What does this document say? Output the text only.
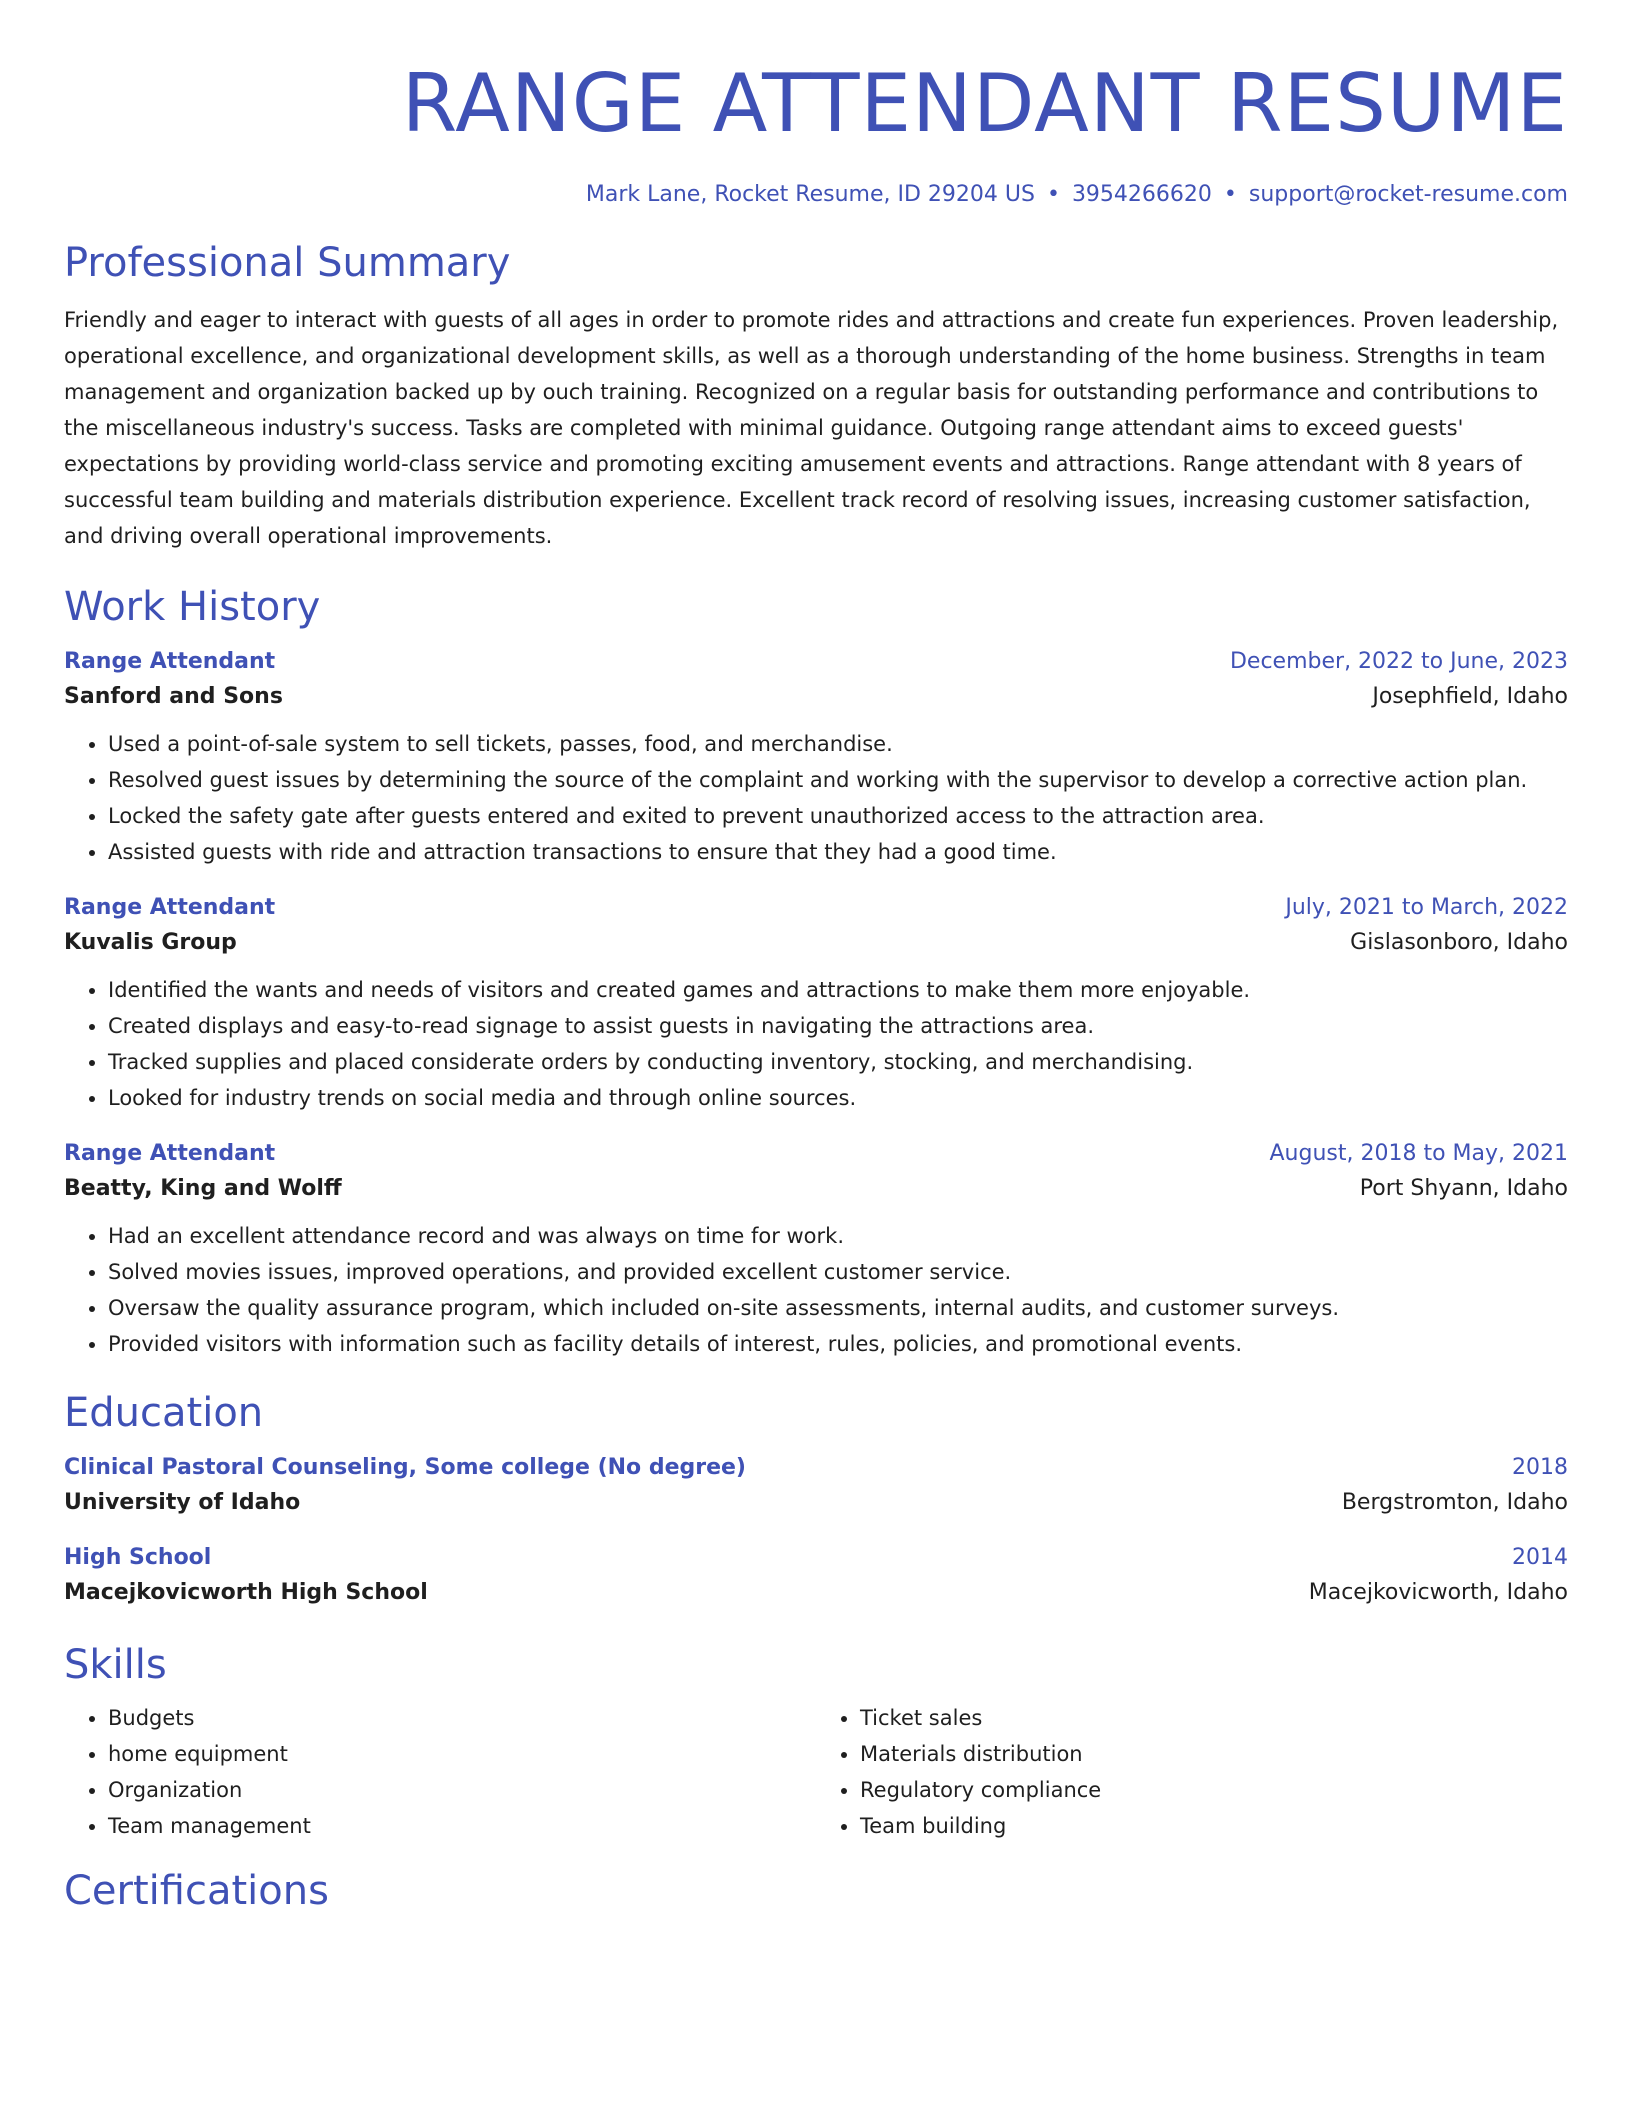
RANGE ATTENDANT RESUME
Mark Lane, Rocket Resume, ID 29204 US • 3954266620 • support@rocket-resume.com
Professional Summary

Friendly and eager to interact with guests of all ages in order to promote rides and attractions and create fun experiences. Proven leadership, operational excellence, and organizational development skills, as well as a thorough understanding of the home business. Strengths in team management and organization backed up by ouch training. Recognized on a regular basis for outstanding performance and contributions to the miscellaneous industry's success. Tasks are completed with minimal guidance. Outgoing range attendant aims to exceed guests' expectations by providing world-class service and promoting exciting amusement events and attractions. Range attendant with 8 years of successful team building and materials distribution experience. Excellent track record of resolving issues, increasing customer satisfaction, and driving overall operational improvements.

Work History
Range Attendant	December, 2022 to June, 2023
Sanford and Sons	Josephfield, Idaho
• Used a point-of-sale system to sell tickets, passes, food, and merchandise.
• Resolved guest issues by determining the source of the complaint and working with the supervisor to develop a corrective action plan.
• Locked the safety gate after guests entered and exited to prevent unauthorized access to the attraction area.
• Assisted guests with ride and attraction transactions to ensure that they had a good time.
Range Attendant	July, 2021 to March, 2022
Kuvalis Group	Gislasonboro, Idaho
• Identified the wants and needs of visitors and created games and attractions to make them more enjoyable.
• Created displays and easy-to-read signage to assist guests in navigating the attractions area.
• Tracked supplies and placed considerate orders by conducting inventory, stocking, and merchandising.
• Looked for industry trends on social media and through online sources.
Range Attendant	August, 2018 to May, 2021
Beatty, King and Wolff	Port Shyann, Idaho
• Had an excellent attendance record and was always on time for work.
• Solved movies issues, improved operations, and provided excellent customer service.
• Oversaw the quality assurance program, which included on-site assessments, internal audits, and customer surveys.
• Provided visitors with information such as facility details of interest, rules, policies, and promotional events.
Education
Clinical Pastoral Counseling, Some college (No degree)	2018
University of Idaho	Bergstromton, Idaho
High School	2014
Macejkovicworth High School	Macejkovicworth, Idaho
Skills
• Budgets
• home equipment
• Organization
• Team management
• Ticket sales
• Materials distribution
• Regulatory compliance
• Team building
Certifications
